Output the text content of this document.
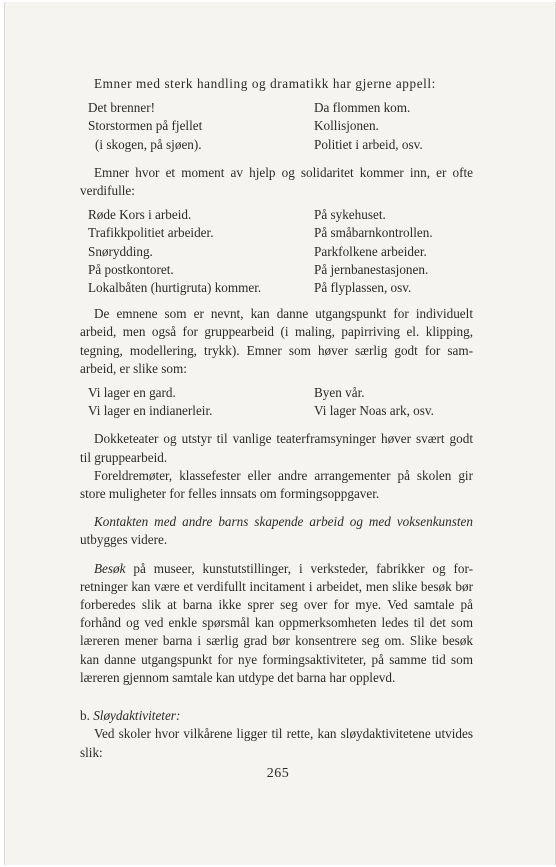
Emner med sterk handling og dramatikk har gjerne appell:

Det brenner!
Storstormen på fjellet
(i skogen, på sjøen).
Da flommen kom.
Kollisjonen.
Politiet i arbeid, osv.

Emner hvor et moment av hjelp og solidaritet kommer inn, er ofte verdifulle:

Røde Kors i arbeid.
Trafikkpolitiet arbeider.
Snørydding.
På postkontoret.
Lokalbåten (hurtigruta) kommer.
På sykehuset.
På småbarnkontrollen.
Parkfolkene arbeider.
På jernbanestasjonen.
På flyplassen, osv.

De emnene som er nevnt, kan danne utgangspunkt for individuelt arbeid, men også for gruppearbeid (i maling, papirriving el. klipping, tegning, modellering, trykk). Emner som høver særlig godt for sam-arbeid, er slike som:

Vi lager en gard.
Vi lager en indianerleir.
Byen vår.
Vi lager Noas ark, osv.

Dokketeater og utstyr til vanlige teaterframsyninger høver svært godt til gruppearbeid.

Foreldremøter, klassefester eller andre arrangementer på skolen gir store muligheter for felles innsats om formingsoppgaver.

Kontakten med andre barns skapende arbeid og med voksenkunsten utbygges videre.

Besøk på museer, kunstutstillinger, i verksteder, fabrikker og for-retninger kan være et verdifullt incitament i arbeidet, men slike besøk bør forberedes slik at barna ikke sprer seg over for mye. Ved samtale på forhånd og ved enkle spørsmål kan oppmerksomheten ledes til det som læreren mener barna i særlig grad bør konsentrere seg om. Slike besøk kan danne utgangspunkt for nye formingsaktiviteter, på samme tid som læreren gjennom samtale kan utdype det barna har opplevd.

b. Sløydaktiviteter:

Ved skoler hvor vilkårene ligger til rette, kan sløydaktivitetene utvides slik:

265
